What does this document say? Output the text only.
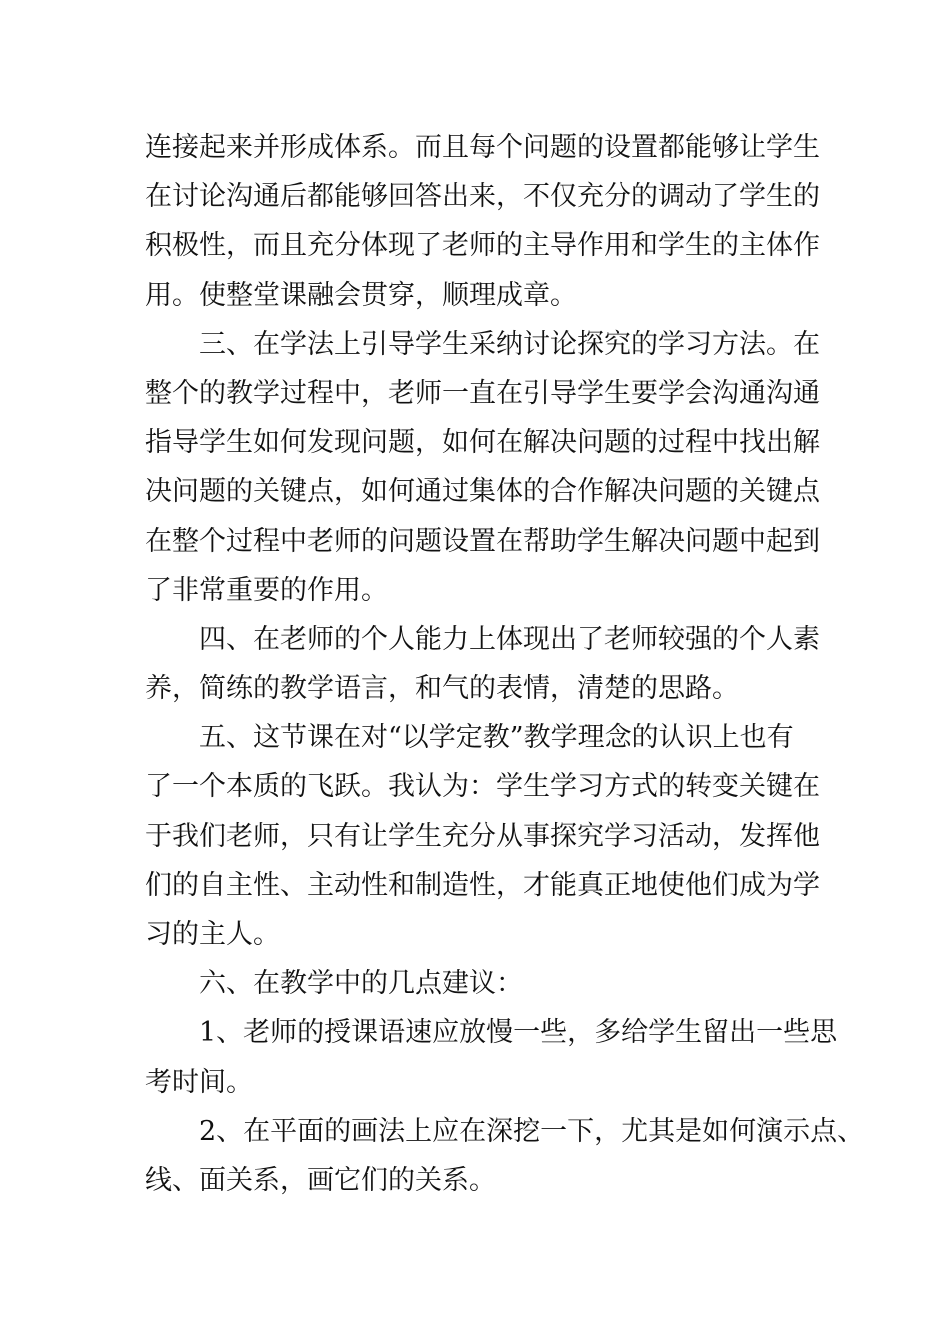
连接起来并形成体系。而且每个问题的设置都能够让学生

在讨论沟通后都能够回答出来，不仅充分的调动了学生的

积极性，而且充分体现了老师的主导作用和学生的主体作

用。使整堂课融会贯穿，顺理成章。

三、在学法上引导学生采纳讨论探究的学习方法。在

整个的教学过程中，老师一直在引导学生要学会沟通沟通

指导学生如何发现问题，如何在解决问题的过程中找出解

决问题的关键点，如何通过集体的合作解决问题的关键点

在整个过程中老师的问题设置在帮助学生解决问题中起到

了非常重要的作用。

四、在老师的个人能力上体现出了老师较强的个人素

养，简练的教学语言，和气的表情，清楚的思路。

五、这节课在对“以学定教”教学理念的认识上也有

了一个本质的飞跃。我认为：学生学习方式的转变关键在

于我们老师，只有让学生充分从事探究学习活动，发挥他

们的自主性、主动性和制造性，才能真正地使他们成为学

习的主人。

六、在教学中的几点建议：

1、老师的授课语速应放慢一些，多给学生留出一些思

考时间。

2、在平面的画法上应在深挖一下，尤其是如何演示点、

线、面关系，画它们的关系。
